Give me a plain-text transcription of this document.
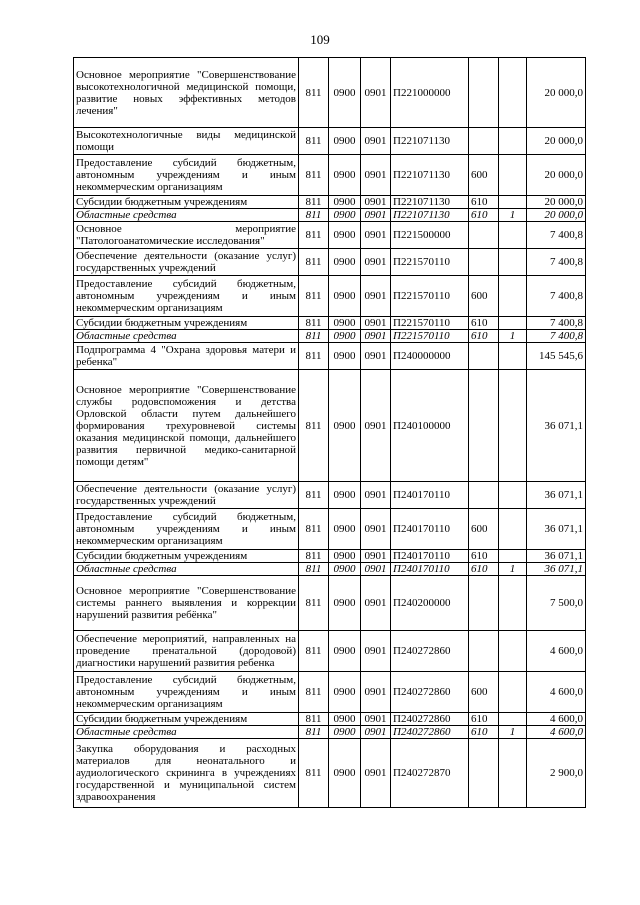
109
Основное мероприятие "Совершенствование высокотехнологичной медицинской помощи, развитие новых эффективных методов лечения"	811	0900	0901	П221000000			20 000,0
Высокотехнологичные виды медицинской помощи	811	0900	0901	П221071130			20 000,0
Предоставление субсидий бюджетным, автономным учреждениям и иным некоммерческим организациям	811	0900	0901	П221071130	600		20 000,0
Субсидии бюджетным учреждениям	811	0900	0901	П221071130	610		20 000,0
Областные средства	811	0900	0901	П221071130	610	1	20 000,0
Основное мероприятие "Патологоанатомические исследования"	811	0900	0901	П221500000			7 400,8
Обеспечение деятельности (оказание услуг) государственных учреждений	811	0900	0901	П221570110			7 400,8
Предоставление субсидий бюджетным, автономным учреждениям и иным некоммерческим организациям	811	0900	0901	П221570110	600		7 400,8
Субсидии бюджетным учреждениям	811	0900	0901	П221570110	610		7 400,8
Областные средства	811	0900	0901	П221570110	610	1	7 400,8
Подпрограмма 4 "Охрана здоровья матери и ребенка"	811	0900	0901	П240000000			145 545,6
Основное мероприятие "Совершенствование службы родовспоможения и детства Орловской области путем дальнейшего формирования трехуровневой системы оказания медицинской помощи, дальнейшего развития первичной медико-санитарной помощи детям"	811	0900	0901	П240100000			36 071,1
Обеспечение деятельности (оказание услуг) государственных учреждений	811	0900	0901	П240170110			36 071,1
Предоставление субсидий бюджетным, автономным учреждениям и иным некоммерческим организациям	811	0900	0901	П240170110	600		36 071,1
Субсидии бюджетным учреждениям	811	0900	0901	П240170110	610		36 071,1
Областные средства	811	0900	0901	П240170110	610	1	36 071,1
Основное мероприятие "Совершенствование системы раннего выявления и коррекции нарушений развития ребёнка"	811	0900	0901	П240200000			7 500,0
Обеспечение мероприятий, направленных на проведение пренатальной (дородовой) диагностики нарушений развития ребенка	811	0900	0901	П240272860			4 600,0
Предоставление субсидий бюджетным, автономным учреждениям и иным некоммерческим организациям	811	0900	0901	П240272860	600		4 600,0
Субсидии бюджетным учреждениям	811	0900	0901	П240272860	610		4 600,0
Областные средства	811	0900	0901	П240272860	610	1	4 600,0
Закупка оборудования и расходных материалов для неонатального и аудиологического скрининга в учреждениях государственной и муниципальной систем здравоохранения	811	0900	0901	П240272870			2 900,0
